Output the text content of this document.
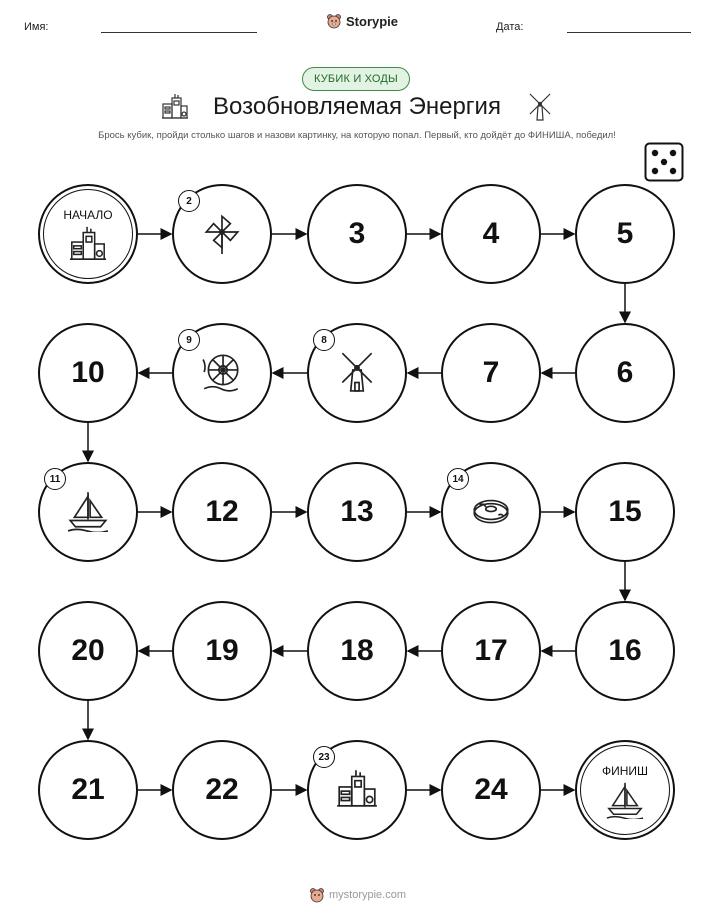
Имя:	Storypie	Дата:
КУБИК И ХОДЫ
Возобновляемая Энергия
Брось кубик, пройди столько шагов и назови картинку, на которую попал. Первый, кто дойдёт до ФИНИША, победил!
НАЧАЛО
2
3	4	5
6
7
8
9
10
11
12	13
14
15
16
17
18
19
20
21	22
23
24
ФИНИШ
mystorypie.com
